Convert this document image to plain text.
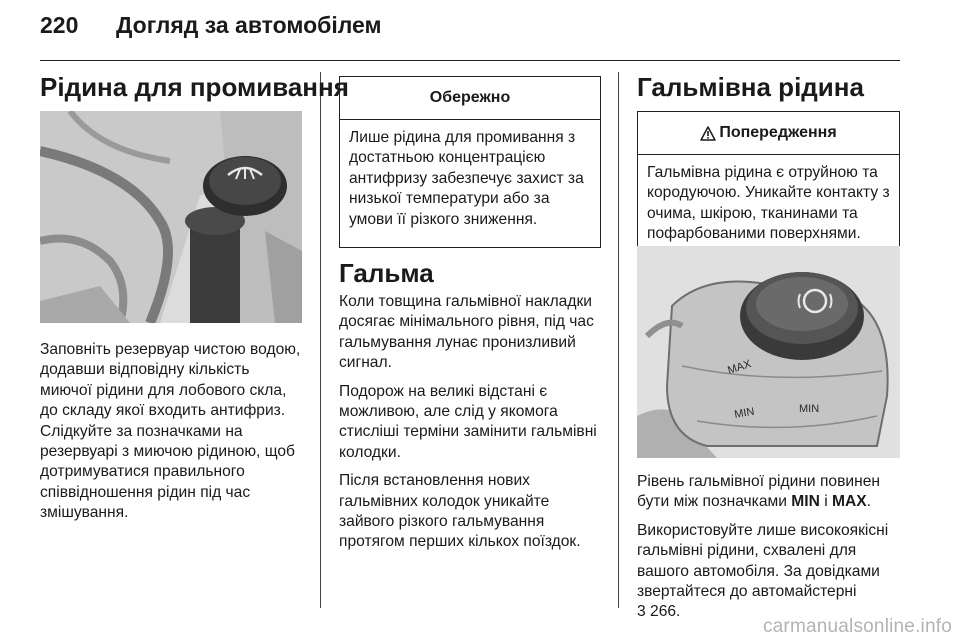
220 Догляд за автомобілем
Рідина для промивання
Заповніть резервуар чистою водою, додавши відповідну кількість миючої рідини для лобового скла, до складу якої входить антифриз. Слідкуйте за позначками на резервуарі з миючою рідиною, щоб дотримуватися правильного співвідношення рідин під час змішування.
Обережно
Лише рідина для промивання з достатньою концентрацією антифризу забезпечує захист за низької температури або за умови її різкого зниження.
Гальма

Коли товщина гальмівної накладки досягає мінімального рівня, під час гальмування лунає пронизливий сигнал.

Подорож на великі відстані є можливою, але слід у якомога стисліші терміни замінити гальмівні колодки.

Після встановлення нових гальмівних колодок уникайте зайвого різкого гальмування протягом перших кількох поїздок.

Гальмівна рідина
Попередження
Гальмівна рідина є отруйною та кородуючою. Уникайте контакту з очима, шкірою, тканинами та пофарбованими поверхнями.
MAX
MIN	MIN

Рівень гальмівної рідини повинен бути між позначками MIN і MAX.

Використовуйте лише високоякісні гальмівні рідини, схвалені для вашого автомобіля. За довідками звертайтеся до автомайстерні
3 266.

carmanualsonline.info
